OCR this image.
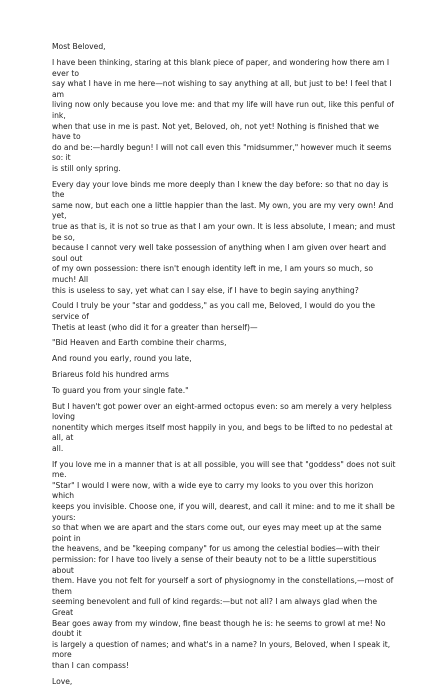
Most Beloved,

I have been thinking, staring at this blank piece of paper, and wondering how there am I ever to
say what I have in me here—not wishing to say anything at all, but just to be! I feel that I am
living now only because you love me: and that my life will have run out, like this penful of ink,
when that use in me is past. Not yet, Beloved, oh, not yet! Nothing is finished that we have to
do and be:—hardly begun! I will not call even this "midsummer," however much it seems so: it
is still only spring.

Every day your love binds me more deeply than I knew the day before: so that no day is the
same now, but each one a little happier than the last. My own, you are my very own! And yet,
true as that is, it is not so true as that I am your own. It is less absolute, I mean; and must be so,
because I cannot very well take possession of anything when I am given over heart and soul out
of my own possession: there isn't enough identity left in me, I am yours so much, so much! All
this is useless to say, yet what can I say else, if I have to begin saying anything?

Could I truly be your "star and goddess," as you call me, Beloved, I would do you the service of
Thetis at least (who did it for a greater than herself)—

"Bid Heaven and Earth combine their charms,

And round you early, round you late,

Briareus fold his hundred arms

To guard you from your single fate."

But I haven't got power over an eight-armed octopus even: so am merely a very helpless loving
nonentity which merges itself most happily in you, and begs to be lifted to no pedestal at all, at
all.

If you love me in a manner that is at all possible, you will see that "goddess" does not suit me.
"Star" I would I were now, with a wide eye to carry my looks to you over this horizon which
keeps you invisible. Choose one, if you will, dearest, and call it mine: and to me it shall be yours:
so that when we are apart and the stars come out, our eyes may meet up at the same point in
the heavens, and be "keeping company" for us among the celestial bodies—with their
permission: for I have too lively a sense of their beauty not to be a little superstitious about
them. Have you not felt for yourself a sort of physiognomy in the constellations,—most of them
seeming benevolent and full of kind regards:—but not all? I am always glad when the Great
Bear goes away from my window, fine beast though he is: he seems to growl at me! No doubt it
is largely a question of names; and what's in a name? In yours, Beloved, when I speak it, more
than I can compass!

Love,
